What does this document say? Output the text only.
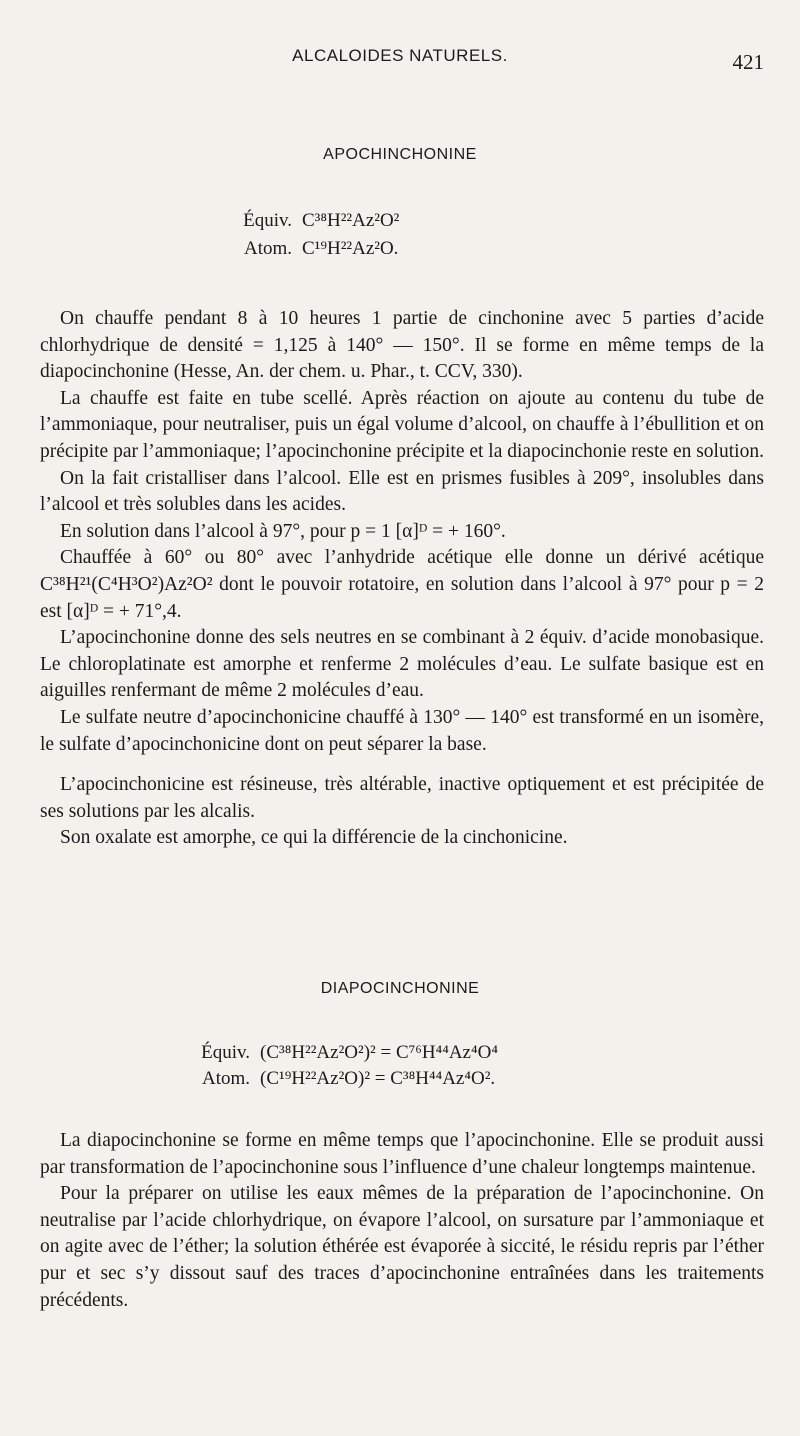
ALCALOIDES NATURELS.	421
APOCHINCHONINE
Équiv. C³⁸H²²Az²O²
Atom. C¹⁹H²²Az²O.

On chauffe pendant 8 à 10 heures 1 partie de cinchonine avec 5 parties d’acide chlorhydrique de densité = 1,125 à 140° — 150°. Il se forme en même temps de la diapocinchonine (Hesse, An. der chem. u. Phar., t. CCV, 330).

La chauffe est faite en tube scellé. Après réaction on ajoute au contenu du tube de l’ammoniaque, pour neutraliser, puis un égal volume d’alcool, on chauffe à l’ébullition et on précipite par l’ammoniaque; l’apocinchonine précipite et la diapocinchonie reste en solution.

On la fait cristalliser dans l’alcool. Elle est en prismes fusibles à 209°, insolubles dans l’alcool et très solubles dans les acides.

En solution dans l’alcool à 97°, pour p = 1 [α]ᴰ = + 160°.

Chauffée à 60° ou 80° avec l’anhydride acétique elle donne un dérivé acétique C³⁸H²¹(C⁴H³O²)Az²O² dont le pouvoir rotatoire, en solution dans l’alcool à 97° pour p = 2 est [α]ᴰ = + 71°,4.

L’apocinchonine donne des sels neutres en se combinant à 2 équiv. d’acide monobasique. Le chloroplatinate est amorphe et renferme 2 molécules d’eau. Le sulfate basique est en aiguilles renfermant de même 2 molécules d’eau.

Le sulfate neutre d’apocinchonicine chauffé à 130° — 140° est transformé en un isomère, le sulfate d’apocinchonicine dont on peut séparer la base.

L’apocinchonicine est résineuse, très altérable, inactive optiquement et est précipitée de ses solutions par les alcalis.

Son oxalate est amorphe, ce qui la différencie de la cinchonicine.

DIAPOCINCHONINE
Équiv. (C³⁸H²²Az²O²)² = C⁷⁶H⁴⁴Az⁴O⁴
Atom. (C¹⁹H²²Az²O)² = C³⁸H⁴⁴Az⁴O².

La diapocinchonine se forme en même temps que l’apocinchonine. Elle se produit aussi par transformation de l’apocinchonine sous l’influence d’une chaleur longtemps maintenue.

Pour la préparer on utilise les eaux mêmes de la préparation de l’apocinchonine. On neutralise par l’acide chlorhydrique, on évapore l’alcool, on sursature par l’ammoniaque et on agite avec de l’éther; la solution éthérée est évaporée à siccité, le résidu repris par l’éther pur et sec s’y dissout sauf des traces d’apocinchonine entraînées dans les traitements précédents.
